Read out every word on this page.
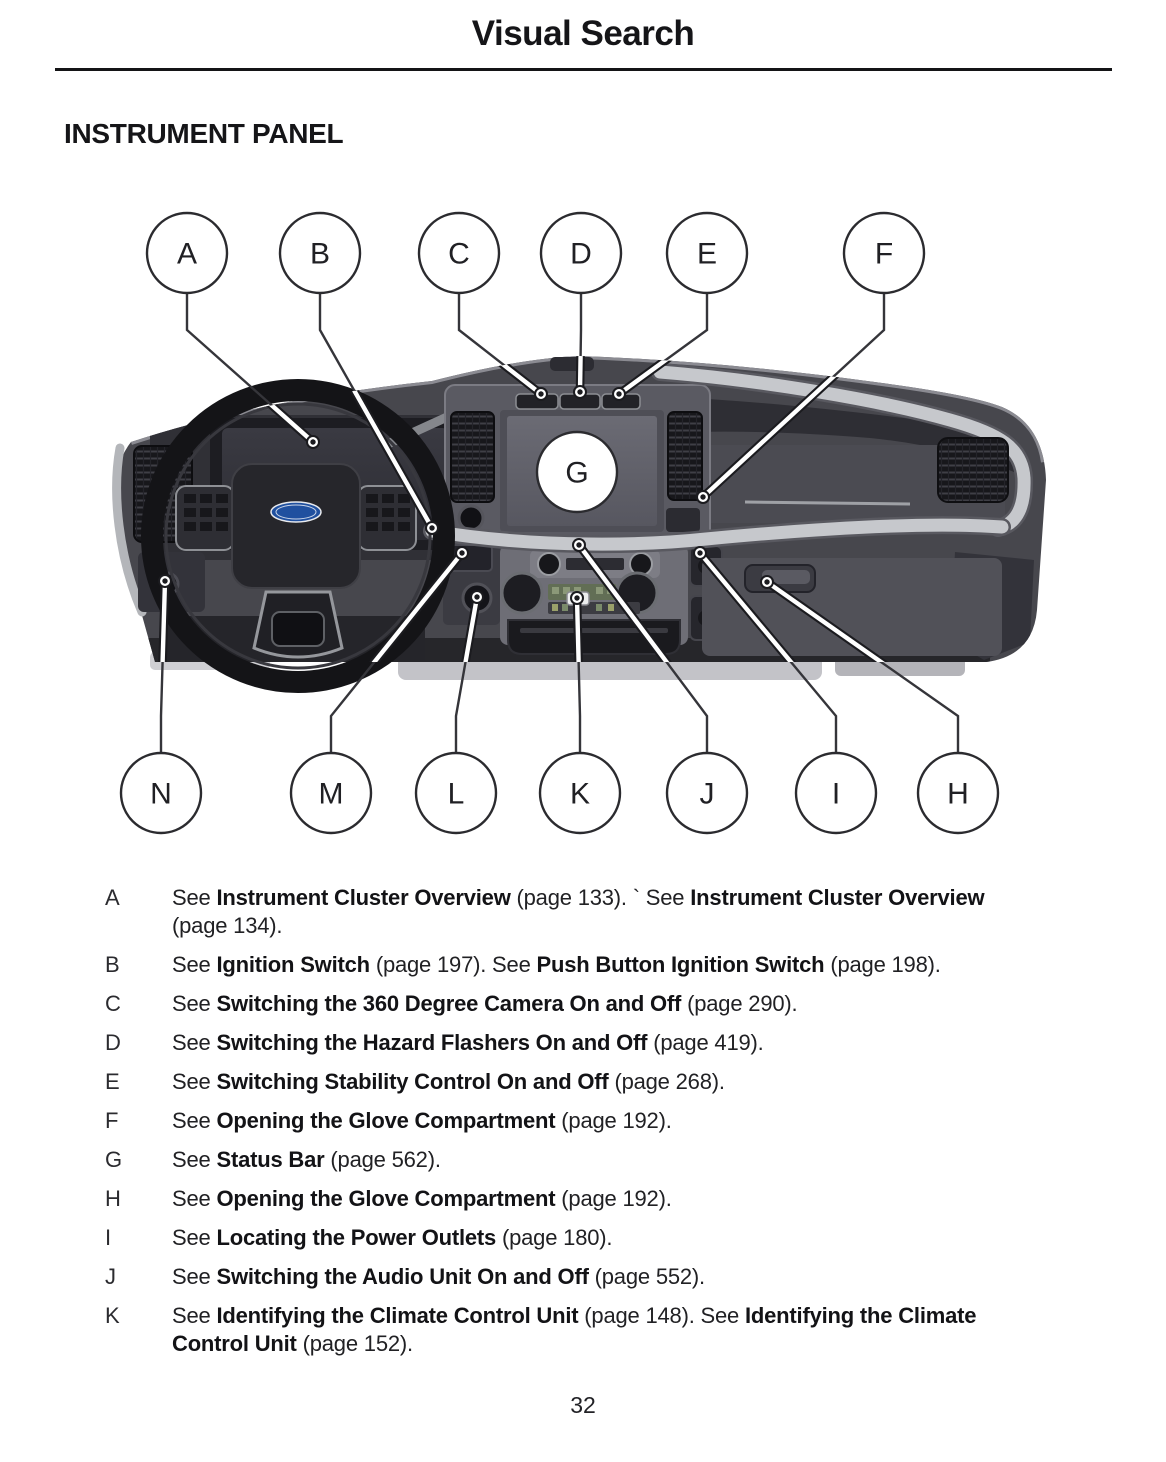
Visual Search
INSTRUMENT PANEL
A	B	C	D	E	F
G
N	M	L	K	J	I	H
A	See Instrument Cluster Overview (page 133). ` See Instrument Cluster Overview (page 134).
B	See Ignition Switch (page 197). See Push Button Ignition Switch (page 198).
C	See Switching the 360 Degree Camera On and Off (page 290).
D	See Switching the Hazard Flashers On and Off (page 419).
E	See Switching Stability Control On and Off (page 268).
F	See Opening the Glove Compartment (page 192).
G	See Status Bar (page 562).
H	See Opening the Glove Compartment (page 192).
I	See Locating the Power Outlets (page 180).
J	See Switching the Audio Unit On and Off (page 552).
K	See Identifying the Climate Control Unit (page 148). See Identifying the Climate Control Unit (page 152).
32
